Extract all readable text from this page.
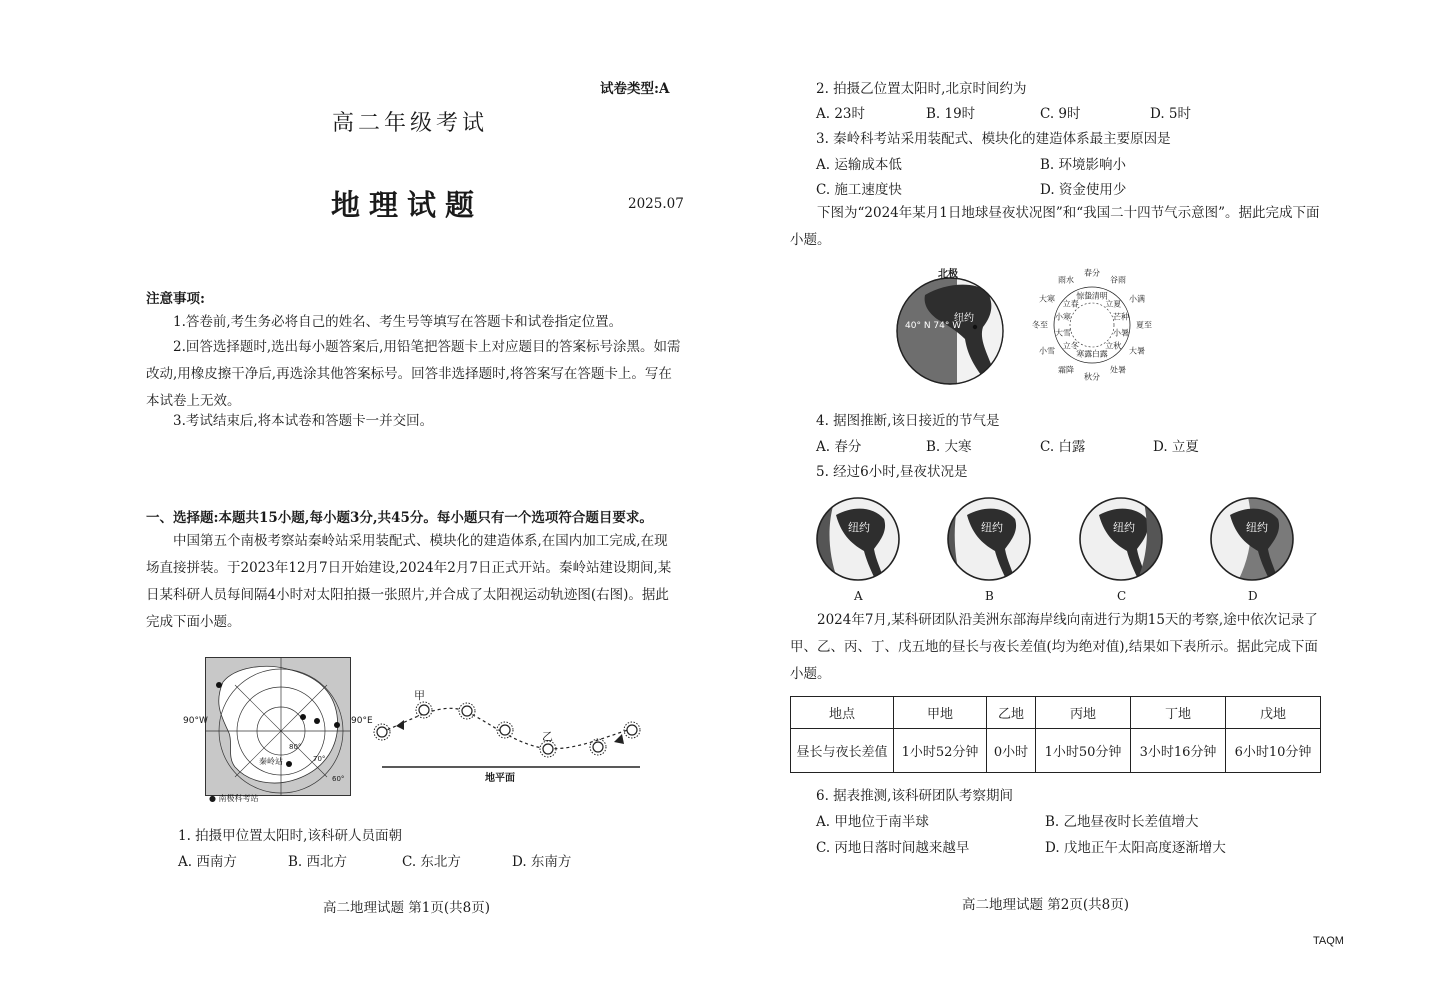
试卷类型:A
高二年级考试
地理试题	2025.07
注意事项:
1.答卷前,考生务必将自己的姓名、考生号等填写在答题卡和试卷指定位置。
2.回答选择题时,选出每小题答案后,用铅笔把答题卡上对应题目的答案标号涂黑。如需改动,用橡皮擦干净后,再选涂其他答案标号。回答非选择题时,将答案写在答题卡上。写在本试卷上无效。
3.考试结束后,将本试卷和答题卡一并交回。
一、选择题:本题共15小题,每小题3分,共45分。每小题只有一个选项符合题目要求。
中国第五个南极考察站秦岭站采用装配式、模块化的建造体系,在国内加工完成,在现场直接拼装。于2023年12月7日开始建设,2024年2月7日正式开站。秦岭站建设期间,某日某科研人员每间隔4小时对太阳拍摄一张照片,并合成了太阳视运动轨迹图(右图)。据此完成下面小题。
秦岭站
80°
70°
60°
90°W	90°E
● 南极科考站
甲
乙
地平面
1. 拍摄甲位置太阳时,该科研人员面朝
A. 西南方	B. 西北方	C. 东北方	D. 东南方
高二地理试题 第1页(共8页)
2. 拍摄乙位置太阳时,北京时间约为
A. 23时	B. 19时	C. 9时	D. 5时
3. 秦岭科考站采用装配式、模块化的建造体系最主要原因是
A. 运输成本低	B. 环境影响小
C. 施工速度快	D. 资金使用少
下图为“2024年某月1日地球昼夜状况图”和“我国二十四节气示意图”。据此完成下面小题。
北极
纽约
40° N 74° W
春分
清明
谷雨
立夏
小满
芒种
夏至
小暑
大暑
立秋
处暑
白露
秋分
寒露
霜降
立冬
小雪
大雪
冬至
小寒
大寒
立春
雨水
惊蛰
4. 据图推断,该日接近的节气是
A. 春分	B. 大寒	C. 白露	D. 立夏
5. 经过6小时,昼夜状况是
纽约
A
纽约
B
纽约
C
纽约
D
2024年7月,某科研团队沿美洲东部海岸线向南进行为期15天的考察,途中依次记录了甲、乙、丙、丁、戊五地的昼长与夜长差值(均为绝对值),结果如下表所示。据此完成下面小题。
地点	甲地	乙地	丙地	丁地	戊地
昼长与夜长差值	1小时52分钟	0小时	1小时50分钟	3小时16分钟	6小时10分钟
6. 据表推测,该科研团队考察期间
A. 甲地位于南半球	B. 乙地昼夜时长差值增大
C. 丙地日落时间越来越早	D. 戊地正午太阳高度逐渐增大
高二地理试题 第2页(共8页)
TAQM
